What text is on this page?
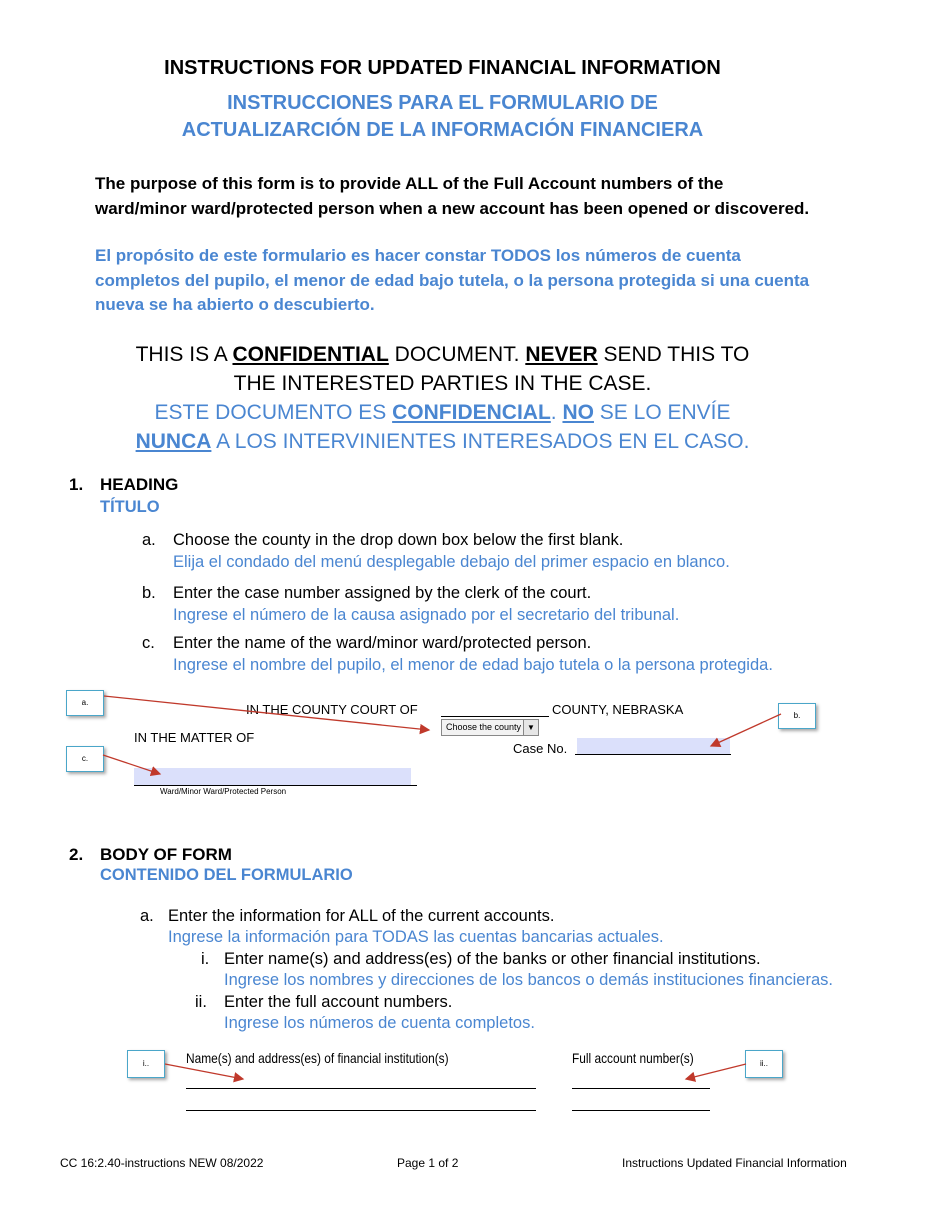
INSTRUCTIONS FOR UPDATED FINANCIAL INFORMATION
INSTRUCCIONES PARA EL FORMULARIO DE
ACTUALIZARCIÓN DE LA INFORMACIÓN FINANCIERA
The purpose of this form is to provide ALL of the Full Account numbers of the ward/minor ward/protected person when a new account has been opened or discovered.
El propósito de este formulario es hacer constar TODOS los números de cuenta completos del pupilo, el menor de edad bajo tutela, o la persona protegida si una cuenta nueva se ha abierto o descubierto.
THIS IS A CONFIDENTIAL DOCUMENT. NEVER SEND THIS TO
THE INTERESTED PARTIES IN THE CASE.
ESTE DOCUMENTO ES CONFIDENCIAL. NO SE LO ENVÍE
NUNCA A LOS INTERVINIENTES INTERESADOS EN EL CASO.
1. HEADING
TÍTULO
a. Choose the county in the drop down box below the first blank.
Elija el condado del menú desplegable debajo del primer espacio en blanco.
b. Enter the case number assigned by the clerk of the court.
Ingrese el número de la causa asignado por el secretario del tribunal.
c. Enter the name of the ward/minor ward/protected person.
Ingrese el nombre del pupilo, el menor de edad bajo tutela o la persona protegida.
IN THE COUNTY COURT OF	COUNTY, NEBRASKA
Choose the county ▼
IN THE MATTER OF
Case No.
Ward/Minor Ward/Protected Person
a.
b.
c.
2. BODY OF FORM
CONTENIDO DEL FORMULARIO
a. Enter the information for ALL of the current accounts.
Ingrese la información para TODAS las cuentas bancarias actuales.
i. Enter name(s) and address(es) of the banks or other financial institutions.
Ingrese los nombres y direcciones de los bancos o demás instituciones financieras.
ii. Enter the full account numbers.
Ingrese los números de cuenta completos.
Name(s) and address(es) of financial institution(s)	Full account number(s)
i..	ii..
CC 16:2.40-instructions NEW 08/2022	Page 1 of 2	Instructions Updated Financial Information
